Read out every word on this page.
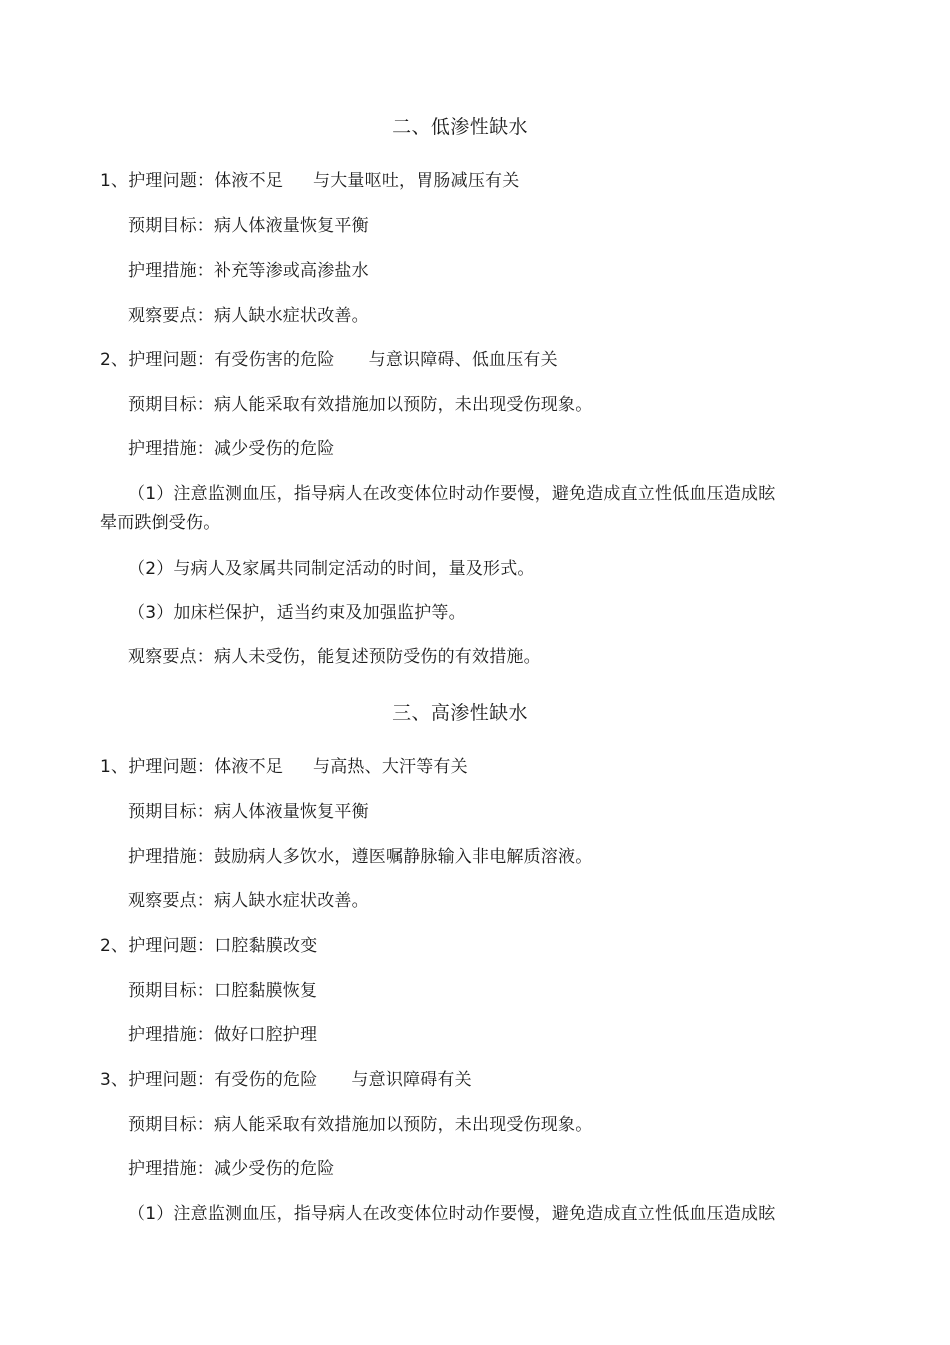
二、低渗性缺水
1、护理问题：体液不足 与大量呕吐，胃肠减压有关
预期目标：病人体液量恢复平衡
护理措施：补充等渗或高渗盐水
观察要点：病人缺水症状改善。
2、护理问题：有受伤害的危险 与意识障碍、低血压有关
预期目标：病人能采取有效措施加以预防，未出现受伤现象。
护理措施：减少受伤的危险
（1）注意监测血压，指导病人在改变体位时动作要慢，避免造成直立性低血压造成眩
晕而跌倒受伤。
（2）与病人及家属共同制定活动的时间，量及形式。
（3）加床栏保护，适当约束及加强监护等。
观察要点：病人未受伤，能复述预防受伤的有效措施。
三、高渗性缺水
1、护理问题：体液不足 与高热、大汗等有关
预期目标：病人体液量恢复平衡
护理措施：鼓励病人多饮水，遵医嘱静脉输入非电解质溶液。
观察要点：病人缺水症状改善。
2、护理问题：口腔黏膜改变
预期目标：口腔黏膜恢复
护理措施：做好口腔护理
3、护理问题：有受伤的危险 与意识障碍有关
预期目标：病人能采取有效措施加以预防，未出现受伤现象。
护理措施：减少受伤的危险
（1）注意监测血压，指导病人在改变体位时动作要慢，避免造成直立性低血压造成眩
